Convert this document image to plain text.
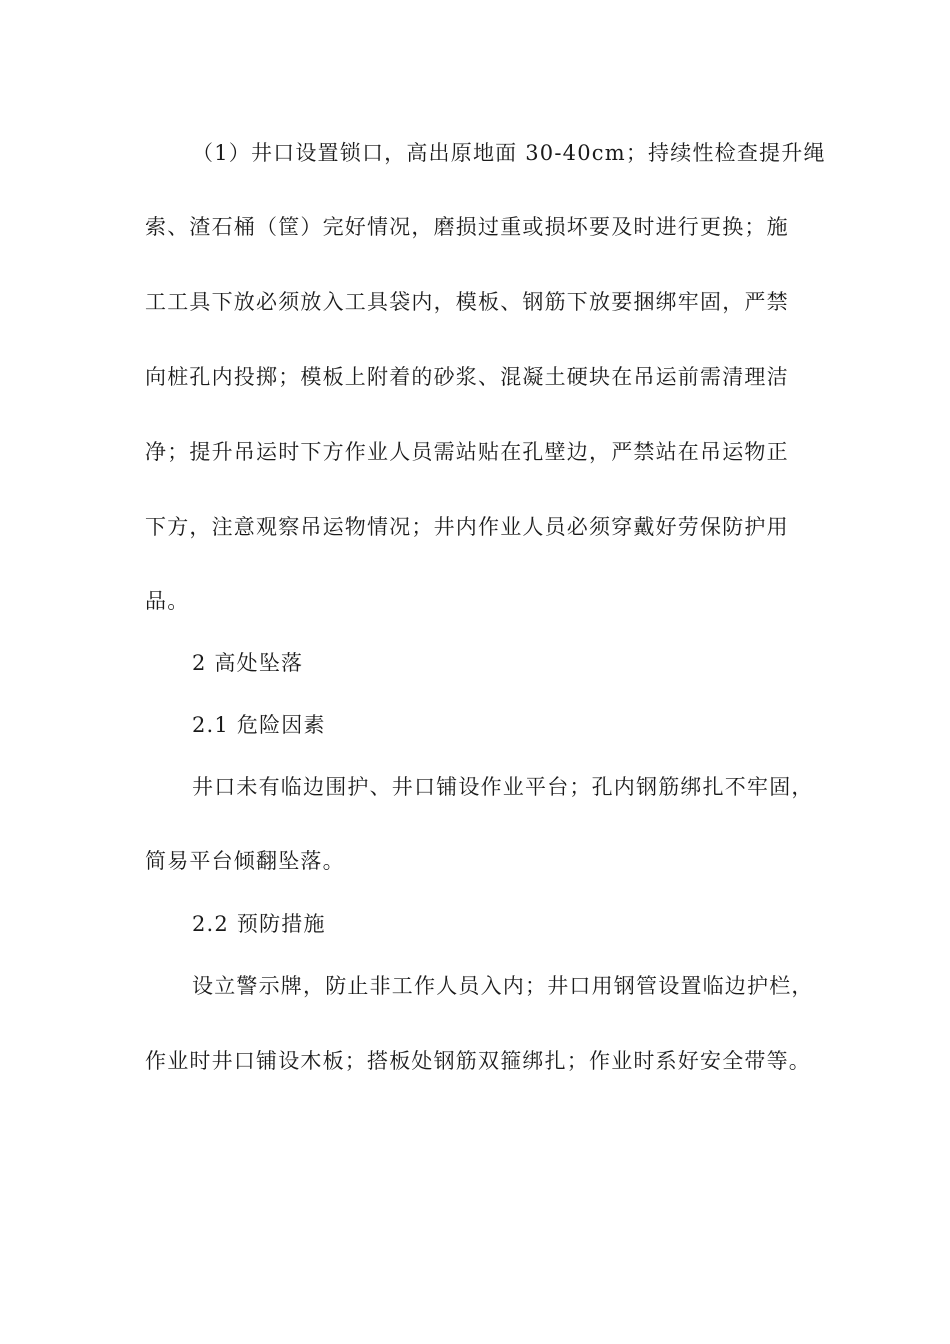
（1）井口设置锁口，高出原地面 30-40cm；持续性检查提升绳
索、渣石桶（筐）完好情况，磨损过重或损坏要及时进行更换；施
工工具下放必须放入工具袋内，模板、钢筋下放要捆绑牢固，严禁
向桩孔内投掷；模板上附着的砂浆、混凝土硬块在吊运前需清理洁
净；提升吊运时下方作业人员需站贴在孔壁边，严禁站在吊运物正
下方，注意观察吊运物情况；井内作业人员必须穿戴好劳保防护用
品。
2 高处坠落
2.1 危险因素
井口未有临边围护、井口铺设作业平台；孔内钢筋绑扎不牢固，
简易平台倾翻坠落。
2.2 预防措施
设立警示牌，防止非工作人员入内；井口用钢管设置临边护栏，
作业时井口铺设木板；搭板处钢筋双箍绑扎；作业时系好安全带等。
